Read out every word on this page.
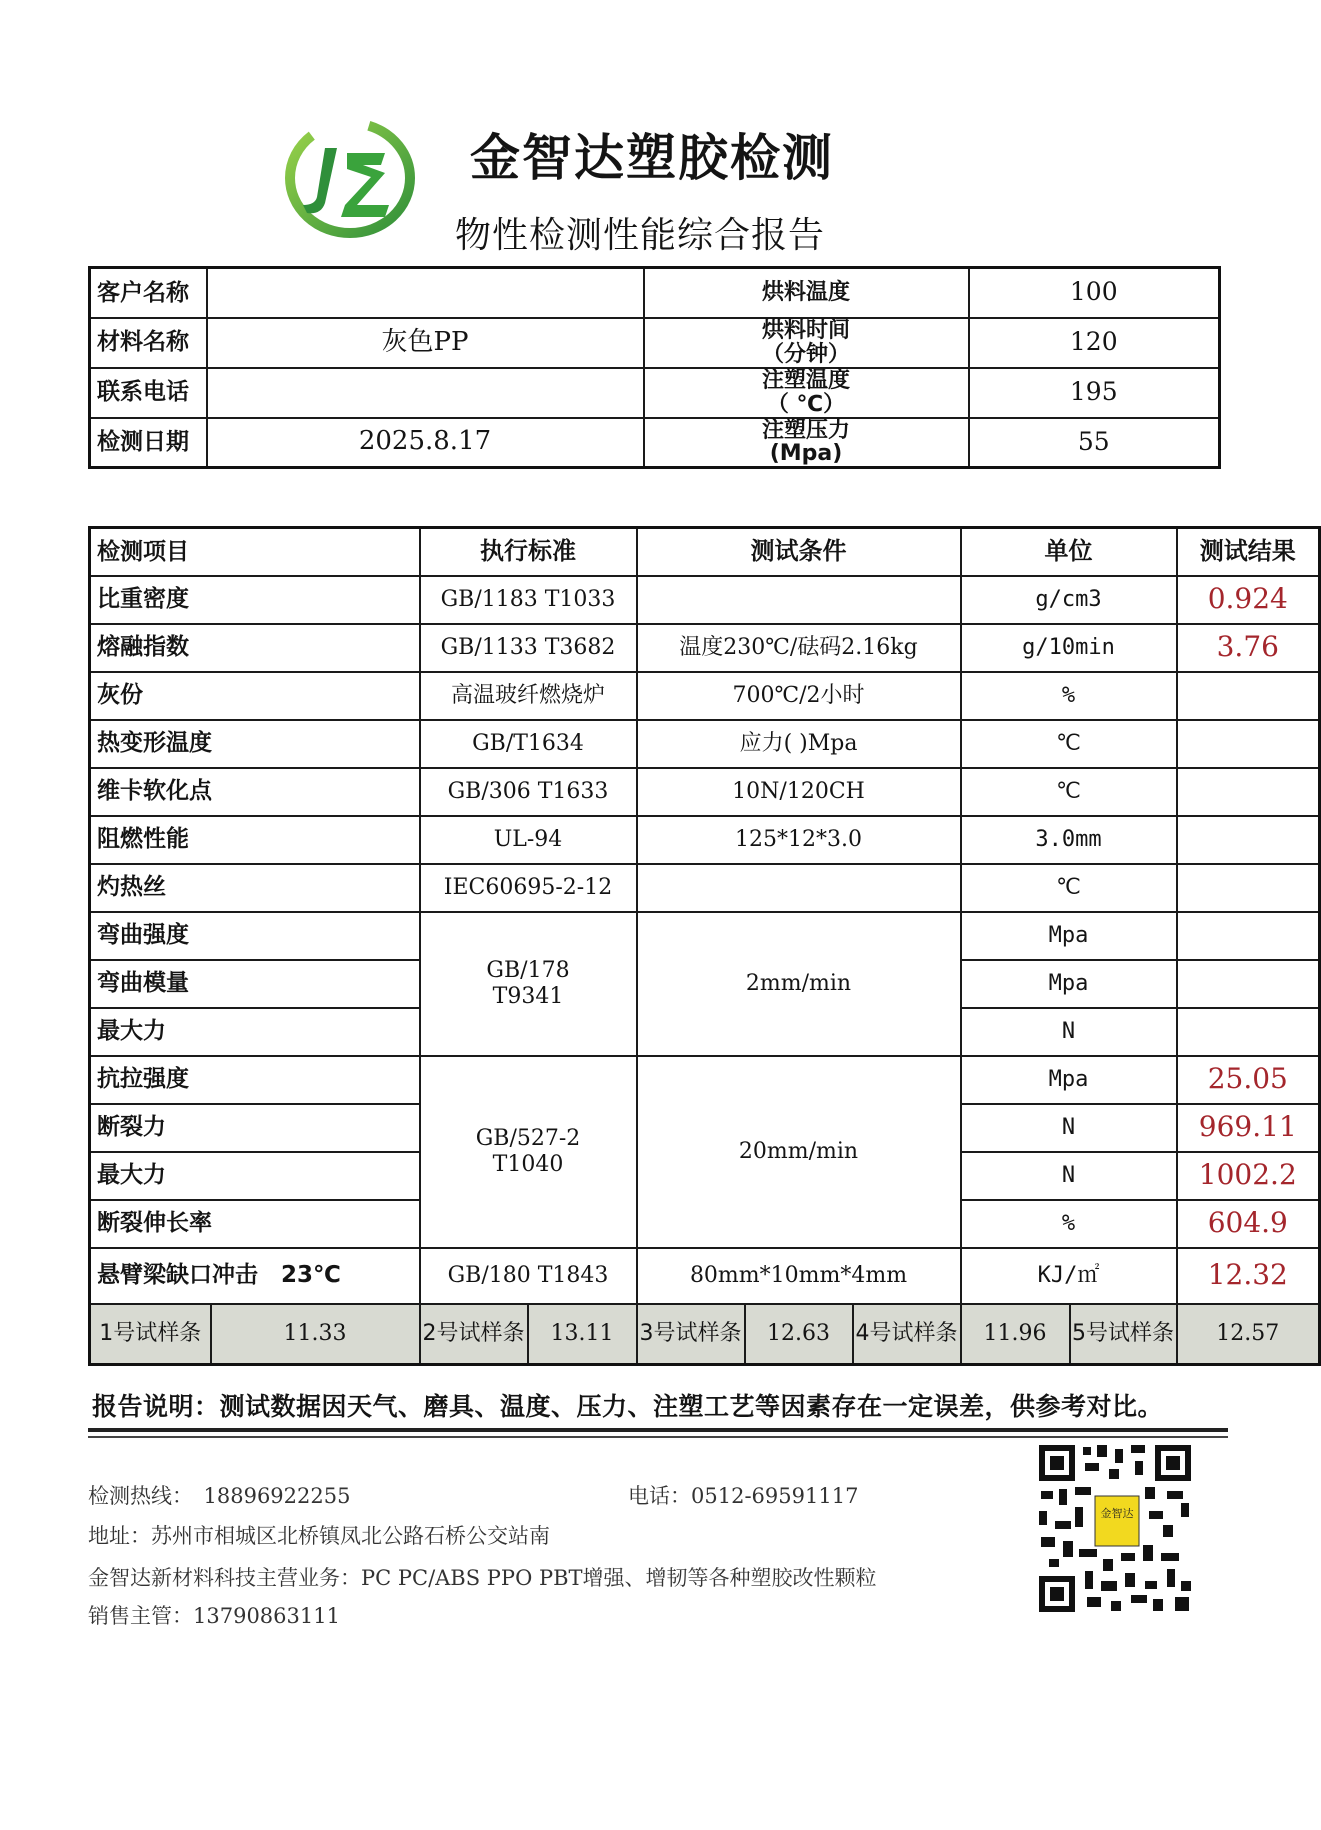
金智达塑胶检测
物性检测性能综合报告
客户名称		烘料温度	100
材料名称	灰色PP	烘料时间
（分钟）	120
联系电话		注塑温度
（ ℃）	195
检测日期	2025.8.17	注塑压力
(Mpa)	55
检测项目		执行标准		测试条件			单位		测试结果
比重密度		GB/1183 T1033					g/cm3		0.924
熔融指数		GB/1133 T3682		温度230℃/砝码2.16kg			g/10min		3.76
灰份		高温玻纤燃烧炉		700℃/2小时			%		
热变形温度		GB/T1634		应力( )Mpa			℃		
维卡软化点		GB/306 T1633		10N/120CH			℃		
阻燃性能		UL-94		125*12*3.0			3.0mm		
灼热丝		IEC60695-2-12					℃		
弯曲强度		GB/178
T9341		2mm/min			Mpa		
弯曲模量							Mpa		
最大力							N		
抗拉强度		GB/527-2
T1040		20mm/min			Mpa		25.05
断裂力							N		969.11
最大力							N		1002.2
断裂伸长率							%		604.9
悬臂梁缺口冲击　23℃		GB/180 T1843		80mm*10mm*4mm			KJ/㎡		12.32
1号试样条	11.33	2号试样条	13.11	3号试样条	12.63	4号试样条	11.96	5号试样条	12.57
报告说明：测试数据因天气、磨具、温度、压力、注塑工艺等因素存在一定误差，供参考对比。
检测热线：　18896922255	电话：0512-69591117
地址：苏州市相城区北桥镇凤北公路石桥公交站南
金智达新材料科技主营业务：PC PC/ABS PPO PBT增强、增韧等各种塑胶改性颗粒
销售主管：13790863111
金智达
